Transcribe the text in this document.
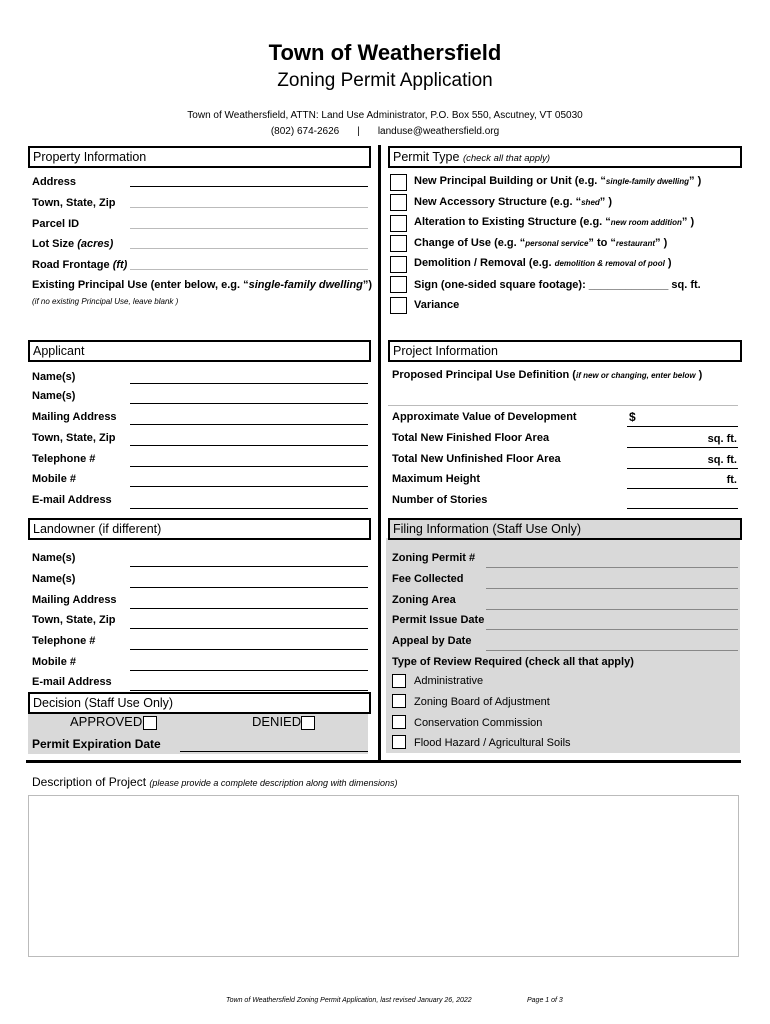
Town of Weathersfield
Zoning Permit Application
Town of Weathersfield, ATTN: Land Use Administrator, P.O. Box 550, Ascutney, VT 05030
(802) 674-2626 | landuse@weathersfield.org
Property Information
Address
Town, State, Zip
Parcel ID
Lot Size (acres)
Road Frontage (ft)
Existing Principal Use (enter below, e.g. “single-family dwelling”)
(if no existing Principal Use, leave blank )
Permit Type (check all that apply)
New Principal Building or Unit (e.g. “single-family dwelling” )
New Accessory Structure (e.g. “shed” )
Alteration to Existing Structure (e.g. “new room addition” )
Change of Use (e.g. “personal service” to “restaurant” )
Demolition / Removal (e.g. demolition & removal of pool )
Sign (one-sided square footage): _____________ sq. ft.
Variance
Applicant
Name(s)
Name(s)
Mailing Address
Town, State, Zip
Telephone #
Mobile #
E-mail Address
Project Information
Proposed Principal Use Definition (if new or changing, enter below )
Approximate Value of Development	$
Total New Finished Floor Area	sq. ft.
Total New Unfinished Floor Area	sq. ft.
Maximum Height	ft.
Number of Stories
Landowner (if different)
Name(s)
Name(s)
Mailing Address
Town, State, Zip
Telephone #
Mobile #
E-mail Address
Filing Information (Staff Use Only)
Zoning Permit #
Fee Collected
Zoning Area
Permit Issue Date
Appeal by Date
Type of Review Required (check all that apply)
Administrative
Zoning Board of Adjustment
Conservation Commission
Flood Hazard / Agricultural Soils
Decision (Staff Use Only)
APPROVED	DENIED
Permit Expiration Date
Description of Project (please provide a complete description along with dimensions)
Town of Weathersfield Zoning Permit Application, last revised January 26, 2022	Page 1 of 3
